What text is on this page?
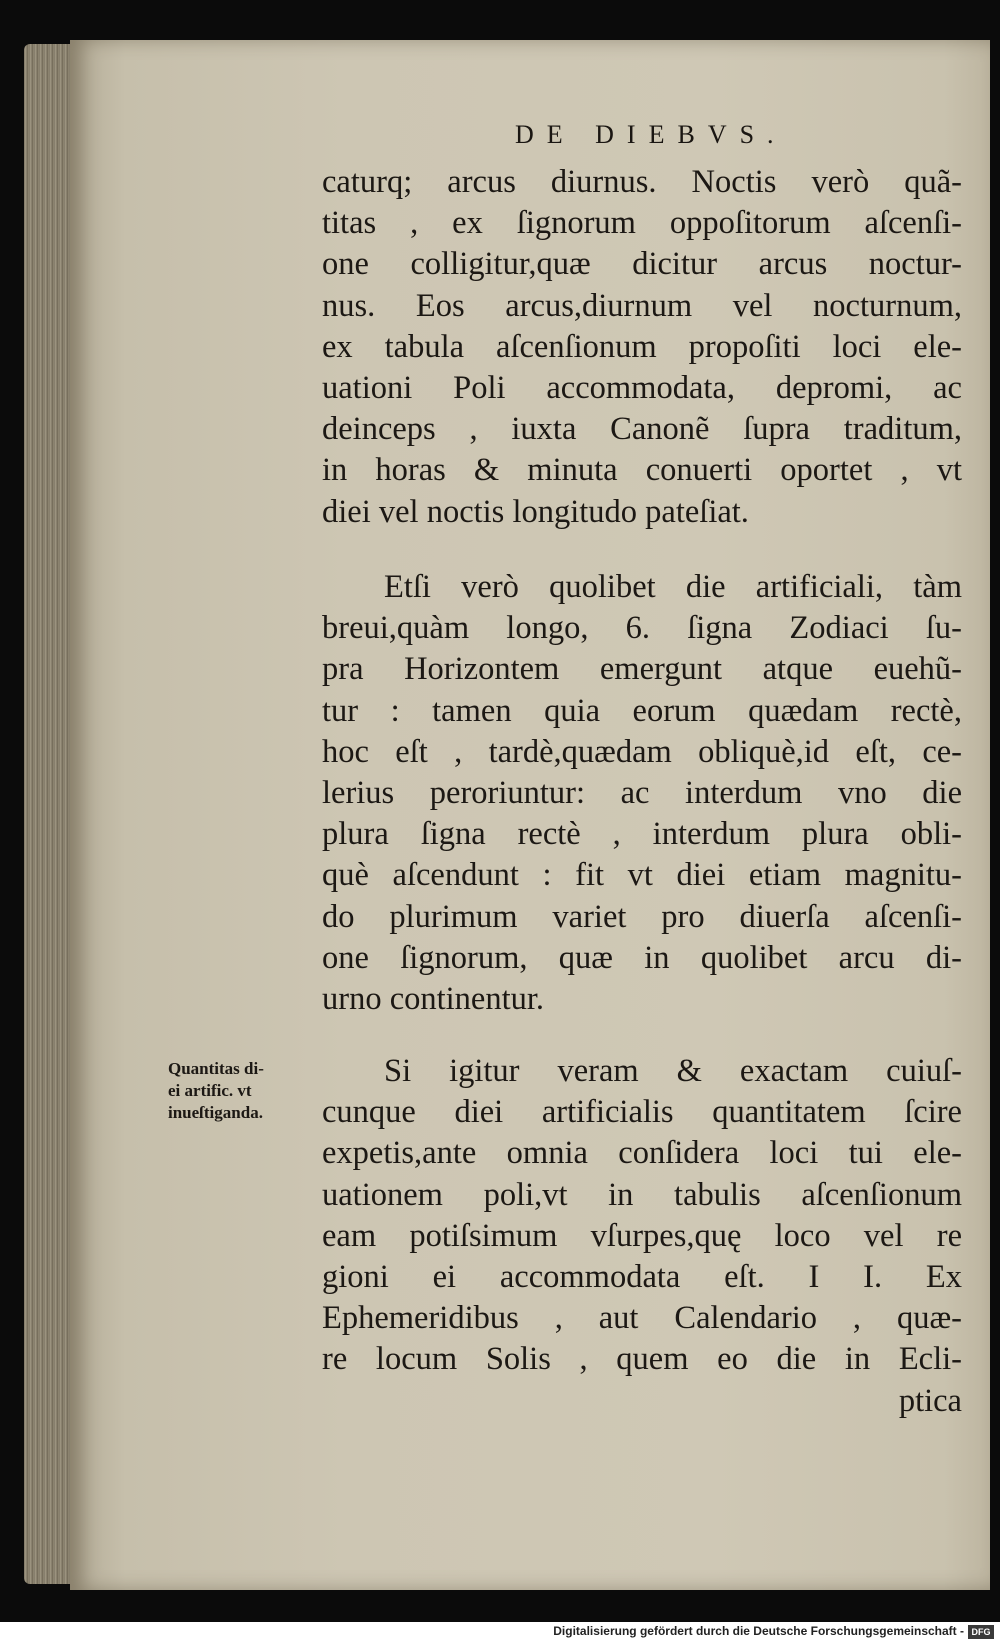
DE DIEBVS.
caturq; arcus diurnus. Noctis verò quã-
titas , ex ſignorum oppoſitorum aſcenſi-
one colligitur,quæ dicitur arcus noctur-
nus. Eos arcus,diurnum vel nocturnum,
ex tabula aſcenſionum propoſiti loci ele-
uationi Poli accommodata, depromi, ac
deinceps , iuxta Canonẽ ſupra traditum,
in horas & minuta conuerti oportet , vt
diei vel noctis longitudo pateſiat.
Etſi verò quolibet die artificiali, tàm
breui,quàm longo, 6. ſigna Zodiaci ſu-
pra Horizontem emergunt atque euehũ-
tur : tamen quia eorum quædam rectè,
hoc eſt , tardè,quædam obliquè,id eſt, ce-
lerius peroriuntur: ac interdum vno die
plura ſigna rectè , interdum plura obli-
què aſcendunt : fit vt diei etiam magnitu-
do plurimum variet pro diuerſa aſcenſi-
one ſignorum, quæ in quolibet arcu di-
urno continentur.
Quantitas di-
ei artific. vt
inueſtiganda.
Si igitur veram & exactam cuiuſ-
cunque diei artificialis quantitatem ſcire
expetis,ante omnia conſidera loci tui ele-
uationem poli,vt in tabulis aſcenſionum
eam potiſsimum vſurpes,quę loco vel re
gioni ei accommodata eſt. I I. Ex
Ephemeridibus , aut Calendario , quæ-
re locum Solis , quem eo die in Ecli-
ptica
Digitalisierung gefördert durch die Deutsche Forschungsgemeinschaft - DFG
